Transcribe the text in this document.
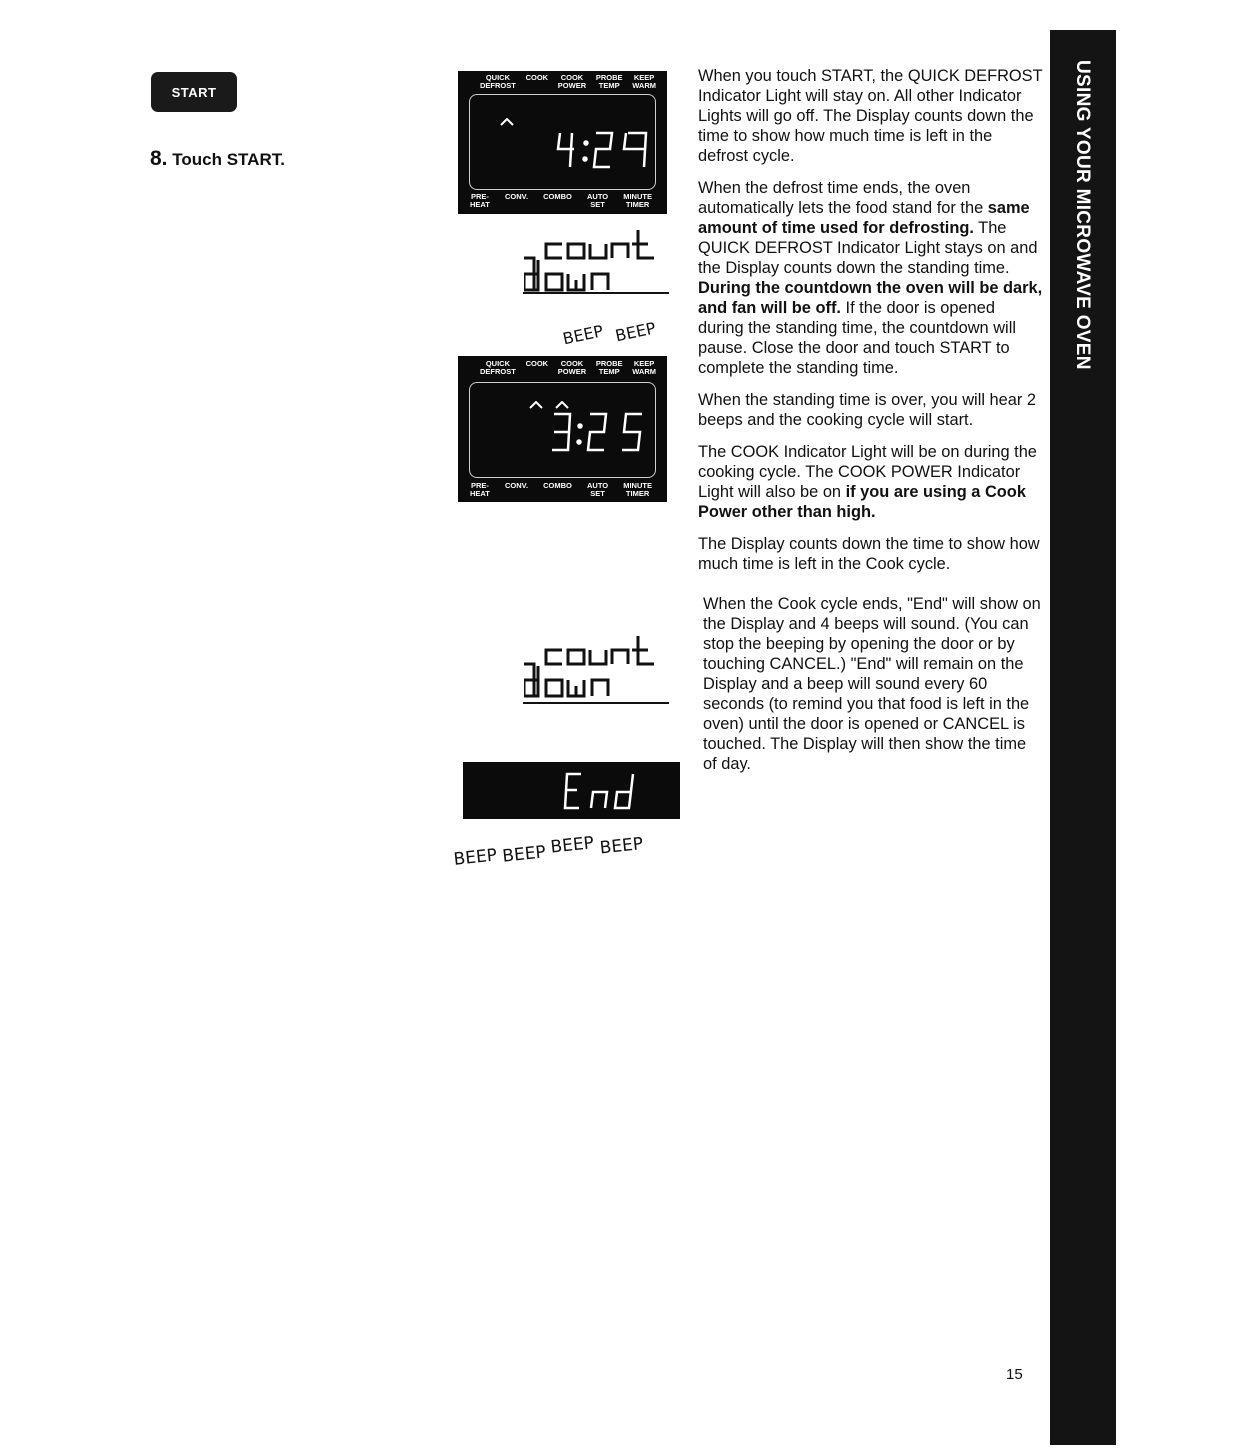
START
8. Touch START.
QUICK
DEFROST
COOK	COOK
POWER
PROBE
TEMP
KEEP
WARM
PRE-
HEAT
CONV. COMBO AUTO
SET
MINUTE
TIMER
BEEP BEEP
QUICK
DEFROST
COOK	COOK
POWER
PROBE
TEMP
KEEP
WARM
PRE-
HEAT
CONV. COMBO AUTO
SET
MINUTE
TIMER
BEEP BEEP BEEP BEEP

When you touch START, the QUICK DEFROST Indicator Light will stay on. All other Indicator Lights will go off. The Display counts down the time to show how much time is left in the defrost cycle.

When the defrost time ends, the oven automatically lets the food stand for the same amount of time used for defrosting. The QUICK DEFROST Indicator Light stays on and the Display counts down the standing time. During the countdown the oven will be dark, and fan will be off. If the door is opened during the standing time, the countdown will pause. Close the door and touch START to complete the standing time.

When the standing time is over, you will hear 2 beeps and the cooking cycle will start.

The COOK Indicator Light will be on during the cooking cycle. The COOK POWER Indicator Light will also be on if you are using a Cook Power other than high.

The Display counts down the time to show how much time is left in the Cook cycle.

When the Cook cycle ends, "End" will show on the Display and 4 beeps will sound. (You can stop the beeping by opening the door or by touching CANCEL.) "End" will remain on the Display and a beep will sound every 60 seconds (to remind you that food is left in the oven) until the door is opened or CANCEL is touched. The Display will then show the time of day.

USING YOUR MICROWAVE OVEN
15
